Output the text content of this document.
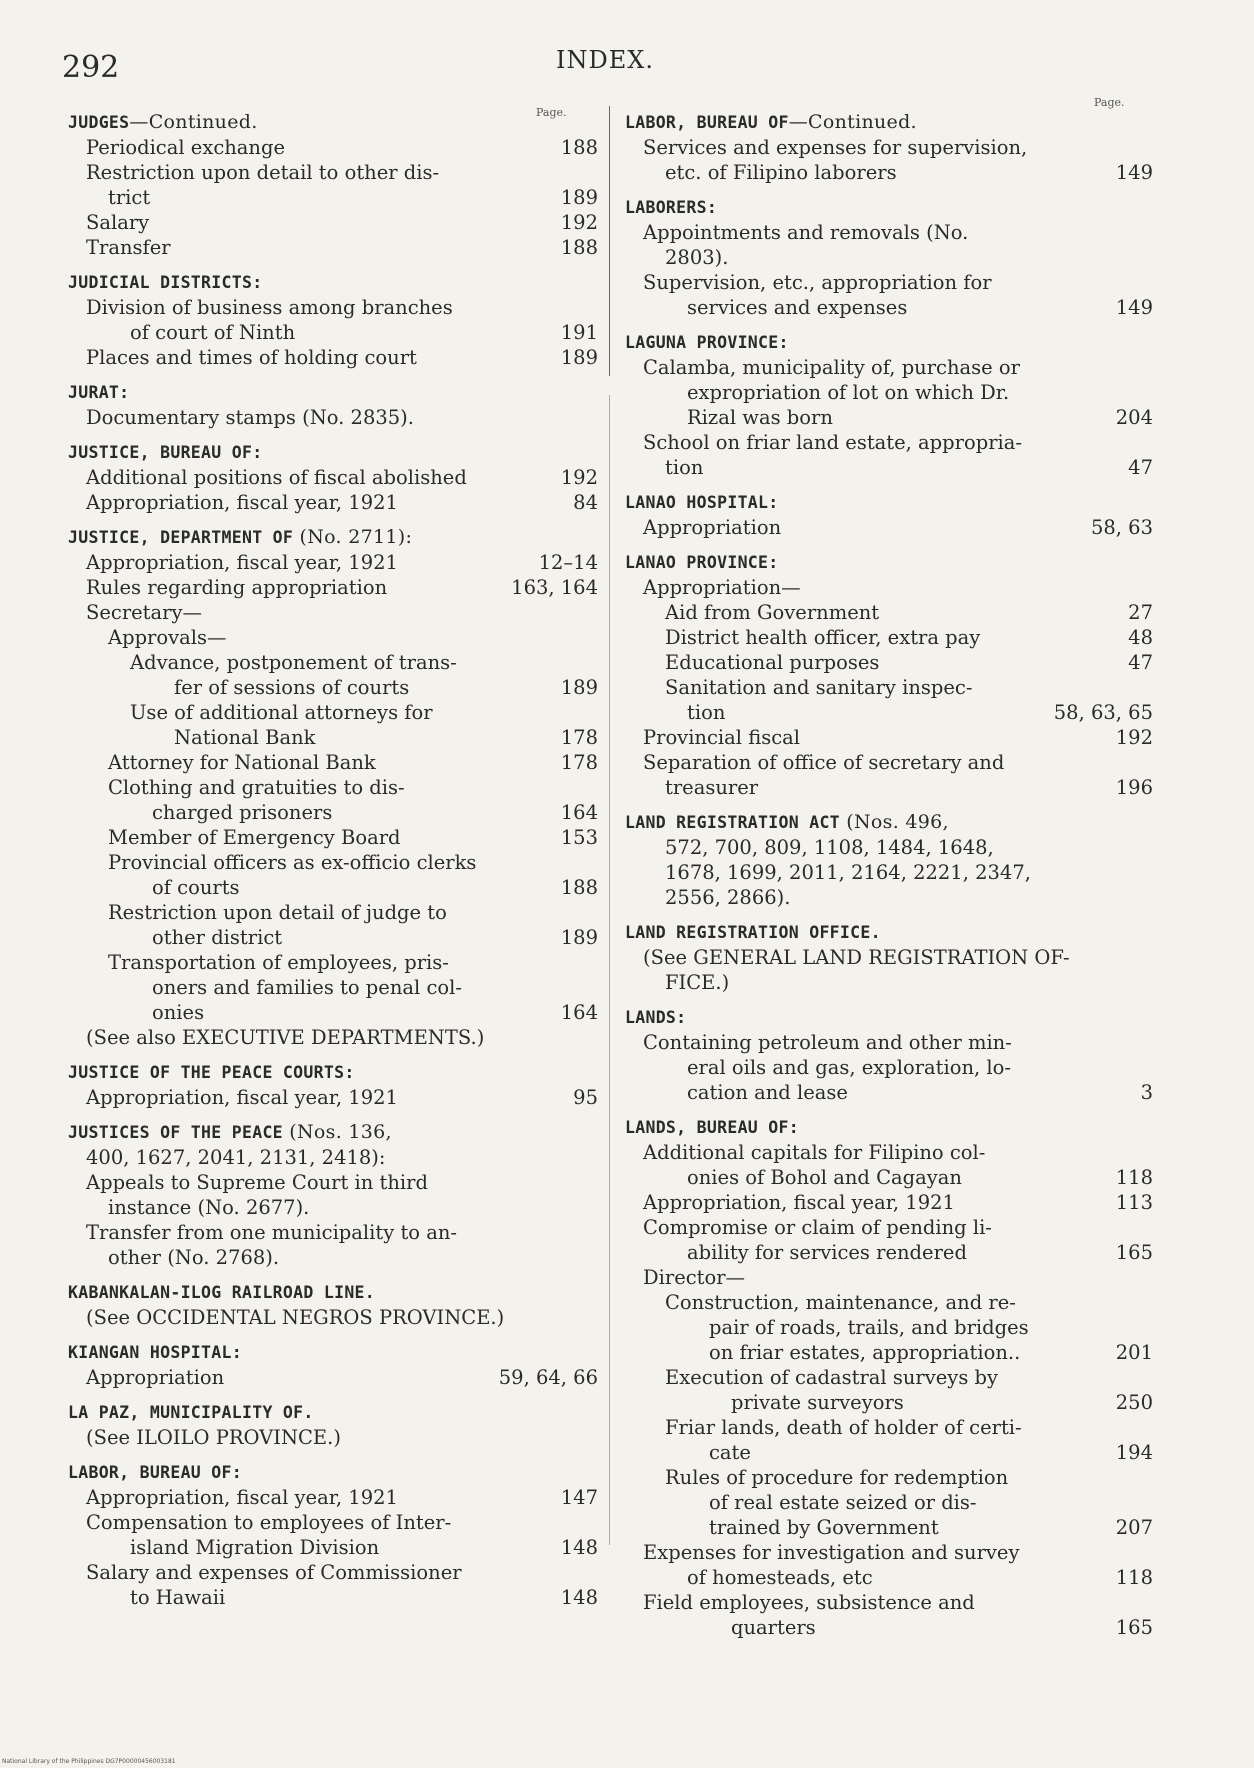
292	INDEX.
Page.
Page.
JUDGES—Continued.
Periodical exchange	188
Restriction upon detail to other dis-
trict	189
Salary	192
Transfer	188
JUDICIAL DISTRICTS:
Division of business among branches
of court of Ninth	191
Places and times of holding court	189
JURAT:
Documentary stamps (No. 2835).
JUSTICE, BUREAU OF:
Additional positions of fiscal abolished	192
Appropriation, fiscal year, 1921	84
JUSTICE, DEPARTMENT OF (No. 2711):
Appropriation, fiscal year, 1921	12–14
Rules regarding appropriation	163, 164
Secretary—
Approvals—
Advance, postponement of trans-
fer of sessions of courts	189
Use of additional attorneys for
National Bank	178
Attorney for National Bank	178
Clothing and gratuities to dis-
charged prisoners	164
Member of Emergency Board	153
Provincial officers as ex-officio clerks
of courts	188
Restriction upon detail of judge to
other district	189
Transportation of employees, pris-
oners and families to penal col-
onies	164
(See also EXECUTIVE DEPARTMENTS.)
JUSTICE OF THE PEACE COURTS:
Appropriation, fiscal year, 1921	95
JUSTICES OF THE PEACE (Nos. 136,
400, 1627, 2041, 2131, 2418):
Appeals to Supreme Court in third
instance (No. 2677).
Transfer from one municipality to an-
other (No. 2768).
KABANKALAN-ILOG RAILROAD LINE.
(See OCCIDENTAL NEGROS PROVINCE.)
KIANGAN HOSPITAL:
Appropriation	59, 64, 66
LA PAZ, MUNICIPALITY OF.
(See ILOILO PROVINCE.)
LABOR, BUREAU OF:
Appropriation, fiscal year, 1921	147
Compensation to employees of Inter-
island Migration Division	148
Salary and expenses of Commissioner
to Hawaii	148
LABOR, BUREAU OF—Continued.
Services and expenses for supervision,
etc. of Filipino laborers	149
LABORERS:
Appointments and removals (No.
2803).
Supervision, etc., appropriation for
services and expenses	149
LAGUNA PROVINCE:
Calamba, municipality of, purchase or
expropriation of lot on which Dr.
Rizal was born	204
School on friar land estate, appropria-
tion	47
LANAO HOSPITAL:
Appropriation	58, 63
LANAO PROVINCE:
Appropriation—
Aid from Government	27
District health officer, extra pay	48
Educational purposes	47
Sanitation and sanitary inspec-
tion	58, 63, 65
Provincial fiscal	192
Separation of office of secretary and
treasurer	196
LAND REGISTRATION ACT (Nos. 496,
572, 700, 809, 1108, 1484, 1648,
1678, 1699, 2011, 2164, 2221, 2347,
2556, 2866).
LAND REGISTRATION OFFICE.
(See GENERAL LAND REGISTRATION OF-
FICE.)
LANDS:
Containing petroleum and other min-
eral oils and gas, exploration, lo-
cation and lease	3
LANDS, BUREAU OF:
Additional capitals for Filipino col-
onies of Bohol and Cagayan	118
Appropriation, fiscal year, 1921	113
Compromise or claim of pending li-
ability for services rendered	165
Director—
Construction, maintenance, and re-
pair of roads, trails, and bridges
on friar estates, appropriation..	201
Execution of cadastral surveys by
private surveyors	250
Friar lands, death of holder of certi-
cate	194
Rules of procedure for redemption
of real estate seized or dis-
trained by Government	207
Expenses for investigation and survey
of homesteads, etc	118
Field employees, subsistence and
quarters	165
National Library of the Philippines DG7P00000456003181
